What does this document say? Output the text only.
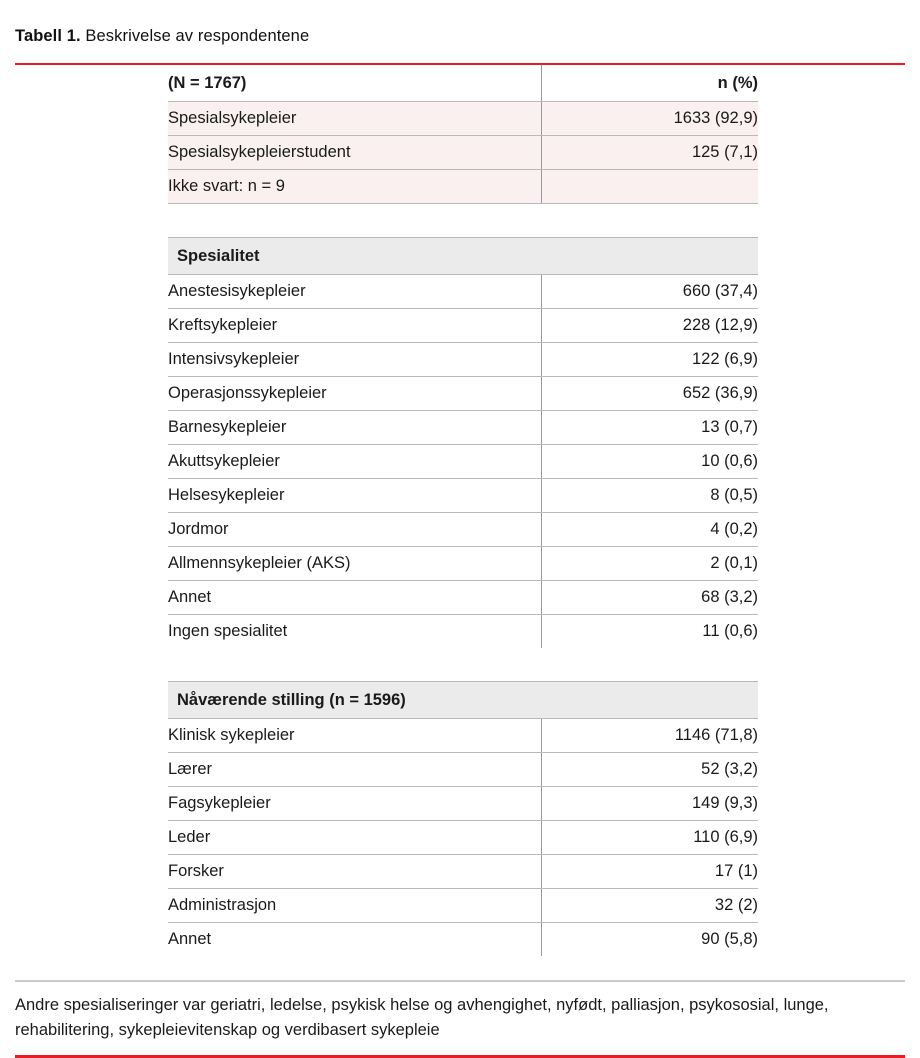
Tabell 1. Beskrivelse av respondentene
(N = 1767)	n (%)
Spesialsykepleier	1633 (92,9)
Spesialsykepleierstudent	125 (7,1)
Ikke svart: n = 9	
Spesialitet	
Anestesisykepleier	660 (37,4)
Kreftsykepleier	228 (12,9)
Intensivsykepleier	122 (6,9)
Operasjonssykepleier	652 (36,9)
Barnesykepleier	13 (0,7)
Akuttsykepleier	10 (0,6)
Helsesykepleier	8 (0,5)
Jordmor	4 (0,2)
Allmennsykepleier (AKS)	2 (0,1)
Annet	68 (3,2)
Ingen spesialitet	11 (0,6)
Nåværende stilling (n = 1596)	
Klinisk sykepleier	1146 (71,8)
Lærer	52 (3,2)
Fagsykepleier	149 (9,3)
Leder	110 (6,9)
Forsker	17 (1)
Administrasjon	32 (2)
Annet	90 (5,8)
Andre spesialiseringer var geriatri, ledelse, psykisk helse og avhengighet, nyfødt, palliasjon, psykososial, lunge, rehabilitering, sykepleievitenskap og verdibasert sykepleie
